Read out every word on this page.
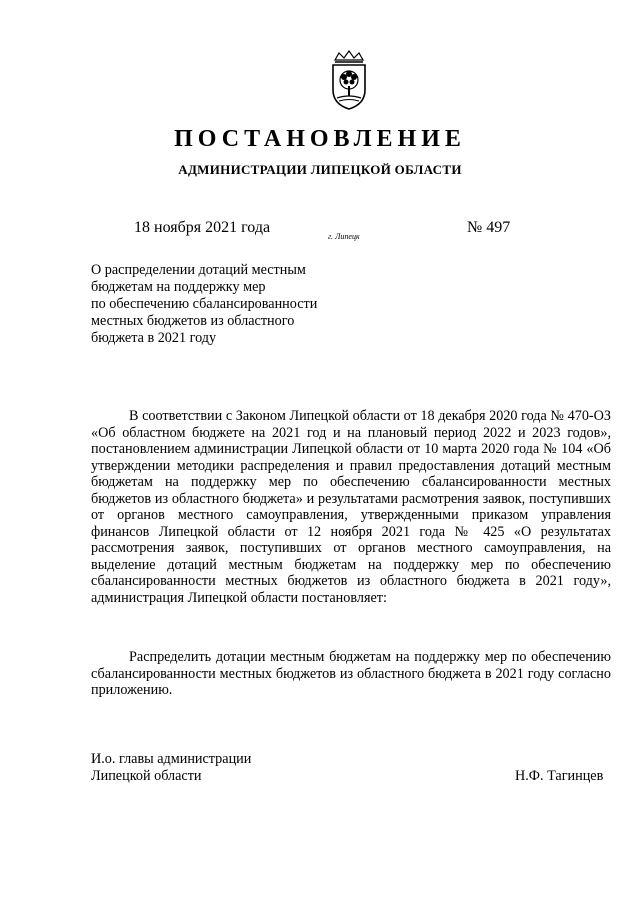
ПОСТАНОВЛЕНИЕ
АДМИНИСТРАЦИИ ЛИПЕЦКОЙ ОБЛАСТИ
18 ноября 2021 года
г. Липецк
№ 497
О распределении дотаций местным
бюджетам на поддержку мер
по обеспечению сбалансированности
местных бюджетов из областного
бюджета в 2021 году
В соответствии с Законом Липецкой области от 18 декабря 2020 года № 470-ОЗ «Об областном бюджете на 2021 год и на плановый период 2022 и 2023 годов», постановлением администрации Липецкой области от 10 марта 2020 года № 104 «Об утверждении методики распределения и правил предоставления дотаций местным бюджетам на поддержку мер по обеспечению сбалансированности местных бюджетов из областного бюджета» и результатами расмотрения заявок, поступивших от органов местного самоуправления, утвержденными приказом управления финансов Липецкой области от 12 ноября 2021 года № 425 «О результатах рассмотрения заявок, поступивших от органов местного самоуправления, на выделение дотаций местным бюджетам на поддержку мер по обеспечению сбалансированности местных бюджетов из областного бюджета в 2021 году», администрация Липецкой области постановляет:
Распределить дотации местным бюджетам на поддержку мер по обеспечению сбалансированности местных бюджетов из областного бюджета в 2021 году согласно приложению.
И.о. главы администрации
Липецкой области	Н.Ф. Тагинцев
